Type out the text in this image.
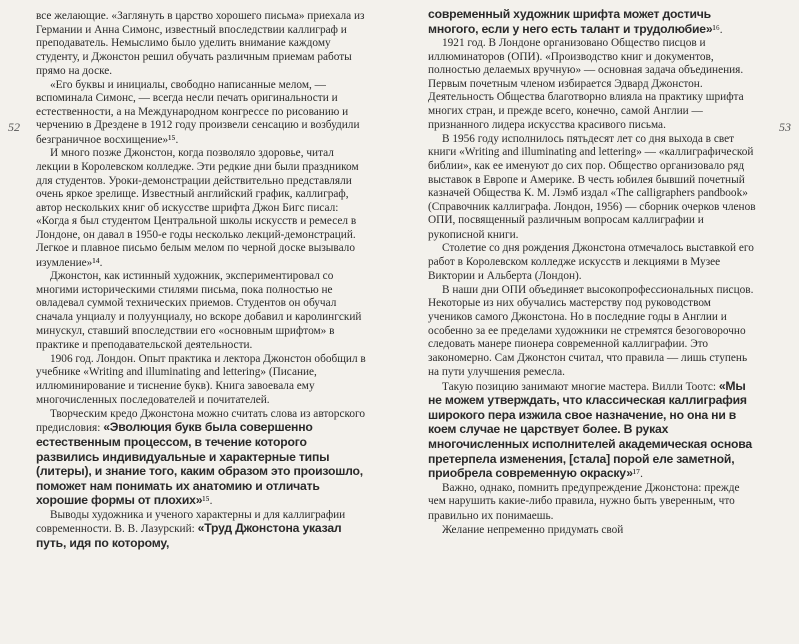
52	53

все желающие. «Заглянуть в царство хорошего письма» приехала из Германии и Анна Симонс, известный впоследствии каллиграф и преподаватель. Немыслимо было уделить внимание каждому студенту, и Джонстон решил обучать различным приемам работы прямо на доске.

«Его буквы и инициалы, свободно написанные мелом, — вспоминала Симонс, — всегда несли печать оригинальности и естественности, а на Международном конгрессе по рисованию и черчению в Дрездене в 1912 году произвели сенсацию и возбудили безграничное восхищение»¹⁵.

И много позже Джонстон, когда позволяло здоровье, читал лекции в Королевском колледже. Эти редкие дни были праздником для студентов. Уроки-демонстрации действительно представляли очень яркое зрелище. Известный английский график, каллиграф, автор нескольких книг об искусстве шрифта Джон Бигс писал: «Когда я был студентом Центральной школы искусств и ремесел в Лондоне, он давал в 1950-е годы несколько лекций-демонстраций. Легкое и плавное письмо белым мелом по черной доске вызывало изумление»¹⁴.

Джонстон, как истинный художник, экспериментировал со многими историческими стилями письма, пока полностью не овладевал суммой технических приемов. Студентов он обучал сначала унциалу и полуунциалу, но вскоре добавил и каролингский минускул, ставший впоследствии его «основным шрифтом» в практике и преподавательской деятельности.

1906 год. Лондон. Опыт практика и лектора Джонстон обобщил в учебнике «Writing and illuminating and lettering» (Писание, иллюминирование и тиснение букв). Книга завоевала ему многочисленных последователей и почитателей.

Творческим кредо Джонстона можно считать слова из авторского предисловия: «Эволюция букв была совершенно естественным процессом, в течение которого развились индивидуальные и характерные типы (литеры), и знание того, каким образом это произошло, поможет нам понимать их анатомию и отличать хорошие формы от плохих»¹⁵.

Выводы художника и ученого характерны и для каллиграфии современности. В. В. Лазурский: «Труд Джонстона указал путь, идя по которому,

современный художник шрифта может достичь многого, если у него есть талант и трудолюбие»¹⁶.

1921 год. В Лондоне организовано Общество писцов и иллюминаторов (ОПИ). «Производство книг и документов, полностью делаемых вручную» — основная задача объединения. Первым почетным членом избирается Эдвард Джонстон. Деятельность Общества благотворно влияла на практику шрифта многих стран, и прежде всего, конечно, самой Англии — признанного лидера искусства красивого письма.

В 1956 году исполнилось пятьдесят лет со дня выхода в свет книги «Writing and illuminating and lettering» — «каллиграфической библии», как ее именуют до сих пор. Общество организовало ряд выставок в Европе и Америке. В честь юбилея бывший почетный казначей Общества К. М. Лэмб издал «The calligraphers pandbook» (Справочник каллиграфа. Лондон, 1956) — сборник очерков членов ОПИ, посвященный различным вопросам каллиграфии и рукописной книги.

Столетие со дня рождения Джонстона отмечалось выставкой его работ в Королевском колледже искусств и лекциями в Музее Виктории и Альберта (Лондон).

В наши дни ОПИ объединяет высокопрофессиональных писцов. Некоторые из них обучались мастерству под руководством учеников самого Джонстона. Но в последние годы в Англии и особенно за ее пределами художники не стремятся безоговорочно следовать манере пионера современной каллиграфии. Это закономерно. Сам Джонстон считал, что правила — лишь ступень на пути улучшения ремесла.

Такую позицию занимают многие мастера. Вилли Тоотс: «Мы не можем утверждать, что классическая каллиграфия широкого пера изжила свое назначение, но она ни в коем случае не царствует более. В руках многочисленных исполнителей академическая основа претерпела изменения, [стала] порой еле заметной, приобрела современную окраску»¹⁷.

Важно, однако, помнить предупреждение Джонстона: прежде чем нарушить какие-либо правила, нужно быть уверенным, что правильно их понимаешь.

Желание непременно придумать свой
